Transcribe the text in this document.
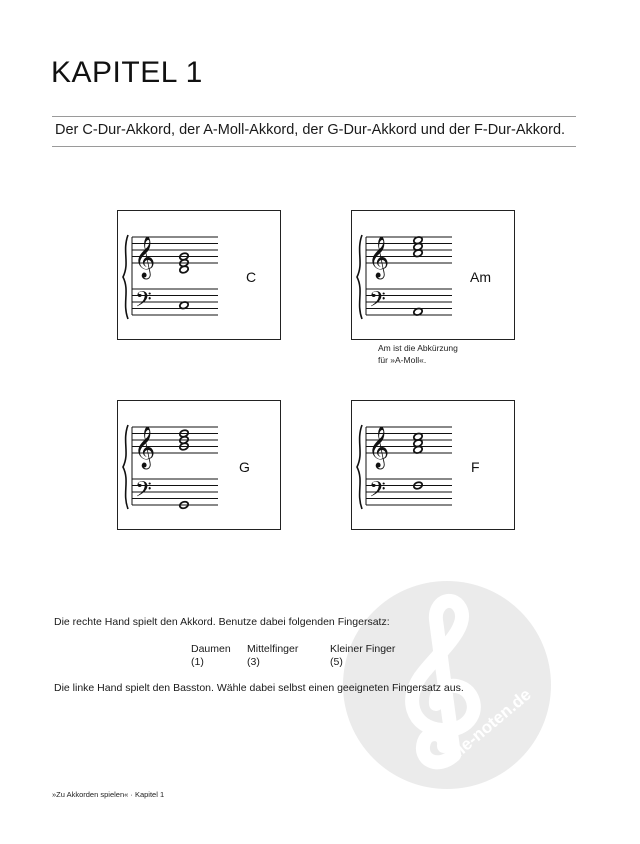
KAPITEL 1
Der C-Dur-Akkord, der A-Moll-Akkord, der G-Dur-Akkord und der F-Dur-Akkord.
𝄞
𝄢
C	𝄞
𝄢
Am
Am ist die Abkürzung
für »A-Moll«.
𝄞
𝄢
G	𝄞
𝄢
F
alle-noten.de
Die rechte Hand spielt den Akkord. Benutze dabei folgenden Fingersatz:
Daumen
(1)
Mittelfinger
(3)
Kleiner Finger
(5)
Die linke Hand spielt den Basston. Wähle dabei selbst einen geeigneten Fingersatz aus.
»Zu Akkorden spielen« · Kapitel 1
